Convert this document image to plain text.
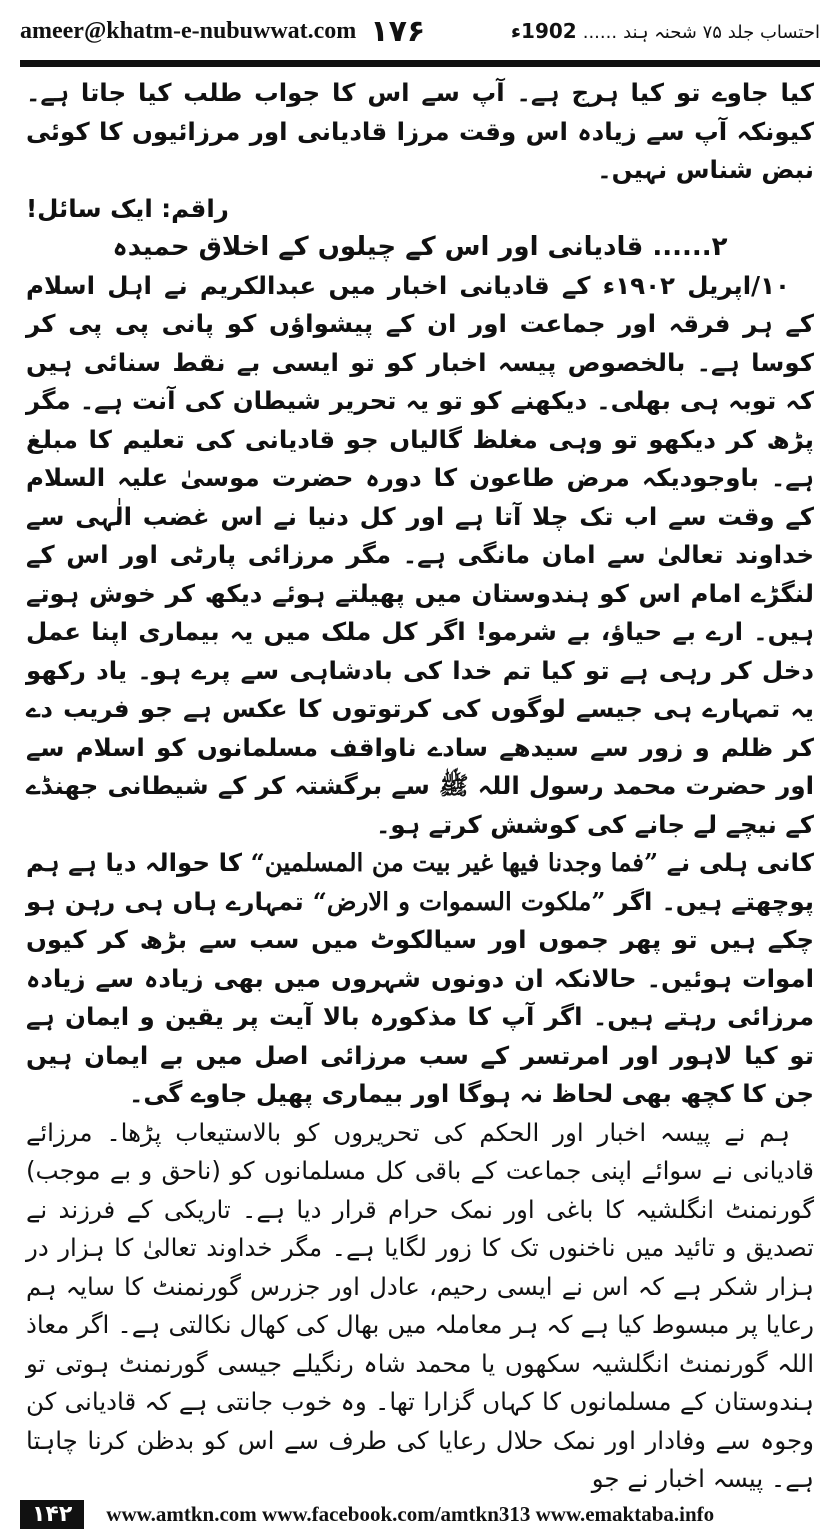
ameer@khatm-e-nubuwwat.com ۱۷۶	احتساب جلد ۷۵ شحنہ ہند
......
1902ء

کیا جاوے تو کیا ہرج ہے۔ آپ سے اس کا جواب طلب کیا جاتا ہے۔ کیونکہ آپ سے زیادہ اس وقت مرزا قادیانی اور مرزائیوں کا کوئی نبض شناس نہیں۔

راقم: ایک سائل!

۲...... قادیانی اور اس کے چیلوں کے اخلاق حمیدہ

۱۰/اپریل ۱۹۰۲ء کے قادیانی اخبار میں عبدالکریم نے اہل اسلام کے ہر فرقہ اور جماعت اور ان کے پیشواؤں کو پانی پی پی کر کوسا ہے۔ بالخصوص پیسہ اخبار کو تو ایسی بے نقط سنائی ہیں کہ توبہ ہی بھلی۔ دیکھنے کو تو یہ تحریر شیطان کی آنت ہے۔ مگر پڑھ کر دیکھو تو وہی مغلظ گالیاں جو قادیانی کی تعلیم کا مبلغ ہے۔ باوجودیکہ مرض طاعون کا دورہ حضرت موسیٰ علیہ السلام کے وقت سے اب تک چلا آتا ہے اور کل دنیا نے اس غضب الٰہی سے خداوند تعالیٰ سے امان مانگی ہے۔ مگر مرزائی پارٹی اور اس کے لنگڑے امام اس کو ہندوستان میں پھیلتے ہوئے دیکھ کر خوش ہوتے ہیں۔ ارے بے حیاؤ، بے شرمو! اگر کل ملک میں یہ بیماری اپنا عمل دخل کر رہی ہے تو کیا تم خدا کی بادشاہی سے پرے ہو۔ یاد رکھو یہ تمہارے ہی جیسے لوگوں کی کرتوتوں کا عکس ہے جو فریب دے کر ظلم و زور سے سیدھے سادے ناواقف مسلمانوں کو اسلام سے اور حضرت محمد رسول اللہ ﷺ سے برگشتہ کر کے شیطانی جھنڈے کے نیچے لے جانے کی کوشش کرتے ہو۔

کانی ہلی نے ”فما وجدنا فیها غیر بیت من المسلمین“ کا حوالہ دیا ہے ہم پوچھتے ہیں۔ اگر ”ملکوت السموات و الارض“ تمہارے ہاں ہی رہن ہو چکے ہیں تو پھر جموں اور سیالکوٹ میں سب سے بڑھ کر کیوں اموات ہوئیں۔ حالانکہ ان دونوں شہروں میں بھی زیادہ سے زیادہ مرزائی رہتے ہیں۔ اگر آپ کا مذکورہ بالا آیت پر یقین و ایمان ہے تو کیا لاہور اور امرتسر کے سب مرزائی اصل میں بے ایمان ہیں جن کا کچھ بھی لحاظ نہ ہوگا اور بیماری پھیل جاوے گی۔

ہم نے پیسہ اخبار اور الحکم کی تحریروں کو بالاستیعاب پڑھا۔ مرزائے قادیانی نے سوائے اپنی جماعت کے باقی کل مسلمانوں کو (ناحق و بے موجب) گورنمنٹ انگلشیہ کا باغی اور نمک حرام قرار دیا ہے۔ تاریکی کے فرزند نے تصدیق و تائید میں ناخنوں تک کا زور لگایا ہے۔ مگر خداوند تعالیٰ کا ہزار در ہزار شکر ہے کہ اس نے ایسی رحیم، عادل اور جزرس گورنمنٹ کا سایہ ہم رعایا پر مبسوط کیا ہے کہ ہر معاملہ میں بھال کی کھال نکالتی ہے۔ اگر معاذ اللہ گورنمنٹ انگلشیہ سکھوں یا محمد شاہ رنگیلے جیسی گورنمنٹ ہوتی تو ہندوستان کے مسلمانوں کا کہاں گزارا تھا۔ وہ خوب جانتی ہے کہ قادیانی کن وجوہ سے وفادار اور نمک حلال رعایا کی طرف سے اس کو بدظن کرنا چاہتا ہے۔ پیسہ اخبار نے جو

۱۴۲	www.amtkn.com www.facebook.com/amtkn313 www.emaktaba.info
